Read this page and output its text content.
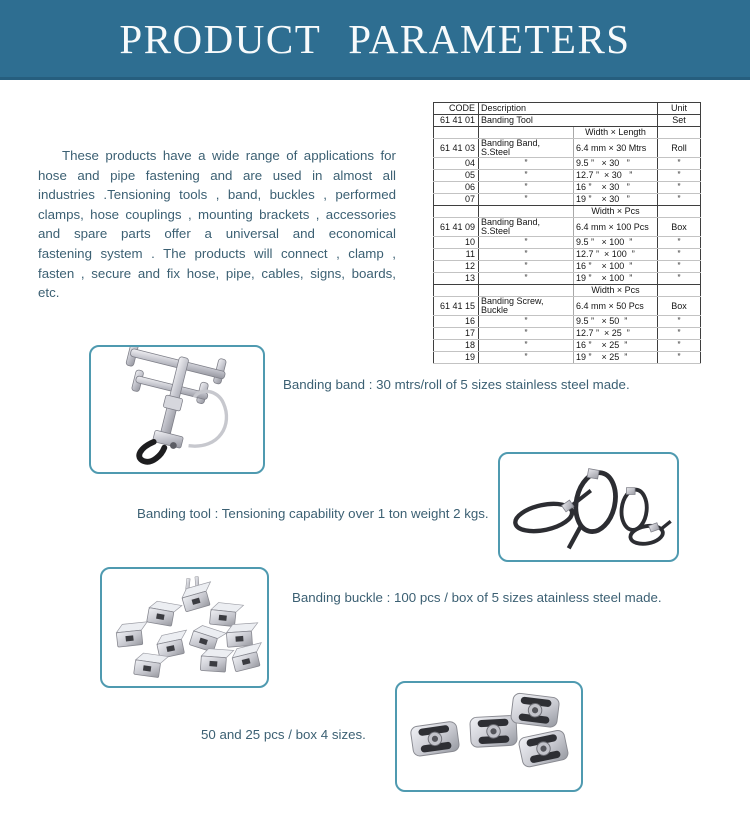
PRODUCT PARAMETERS

These products have a wide range of applications for hose and pipe fastening and are used in almost all industries .Tensioning tools , band, buckles , performed clamps, hose couplings , mounting brackets , accessories and spare parts offer a universal and economical fastening system . The products will connect , clamp , fasten , secure and fix hose, pipe, cables, signs, boards, etc.

CODE	Description		Unit
61 41 01	Banding Tool		Set
		Width × Length	
61 41 03	Banding Band, S.Steel	6.4 mm × 30 Mtrs	Roll
04	”	9.5 ”   × 30   ”	”
05	”	12.7 ”  × 30   ”	”
06	”	16 ”    × 30   ”	”
07	”	19 ”    × 30   ”	”
		Width × Pcs	
61 41 09	Banding Band, S.Steel	6.4 mm × 100 Pcs	Box
10	”	9.5 ”   × 100  ”	”
11	”	12.7 ”  × 100  ”	”
12	”	16 ”    × 100  ”	”
13	”	19 ”    × 100  ”	”
		Width × Pcs	
61 41 15	Banding Screw, Buckle	6.4 mm × 50 Pcs	Box
16	”	9.5 ”   × 50  ”	”
17	”	12.7 ”  × 25  ”	”
18	”	16 ”    × 25  ”	”
19	”	19 ”    × 25  ”	”
Banding band : 30 mtrs/roll of 5 sizes stainless steel made.
Banding tool : Tensioning capability over 1 ton weight 2 kgs.
Banding buckle : 100 pcs / box of 5 sizes atainless steel made.
50 and 25 pcs / box 4 sizes.
